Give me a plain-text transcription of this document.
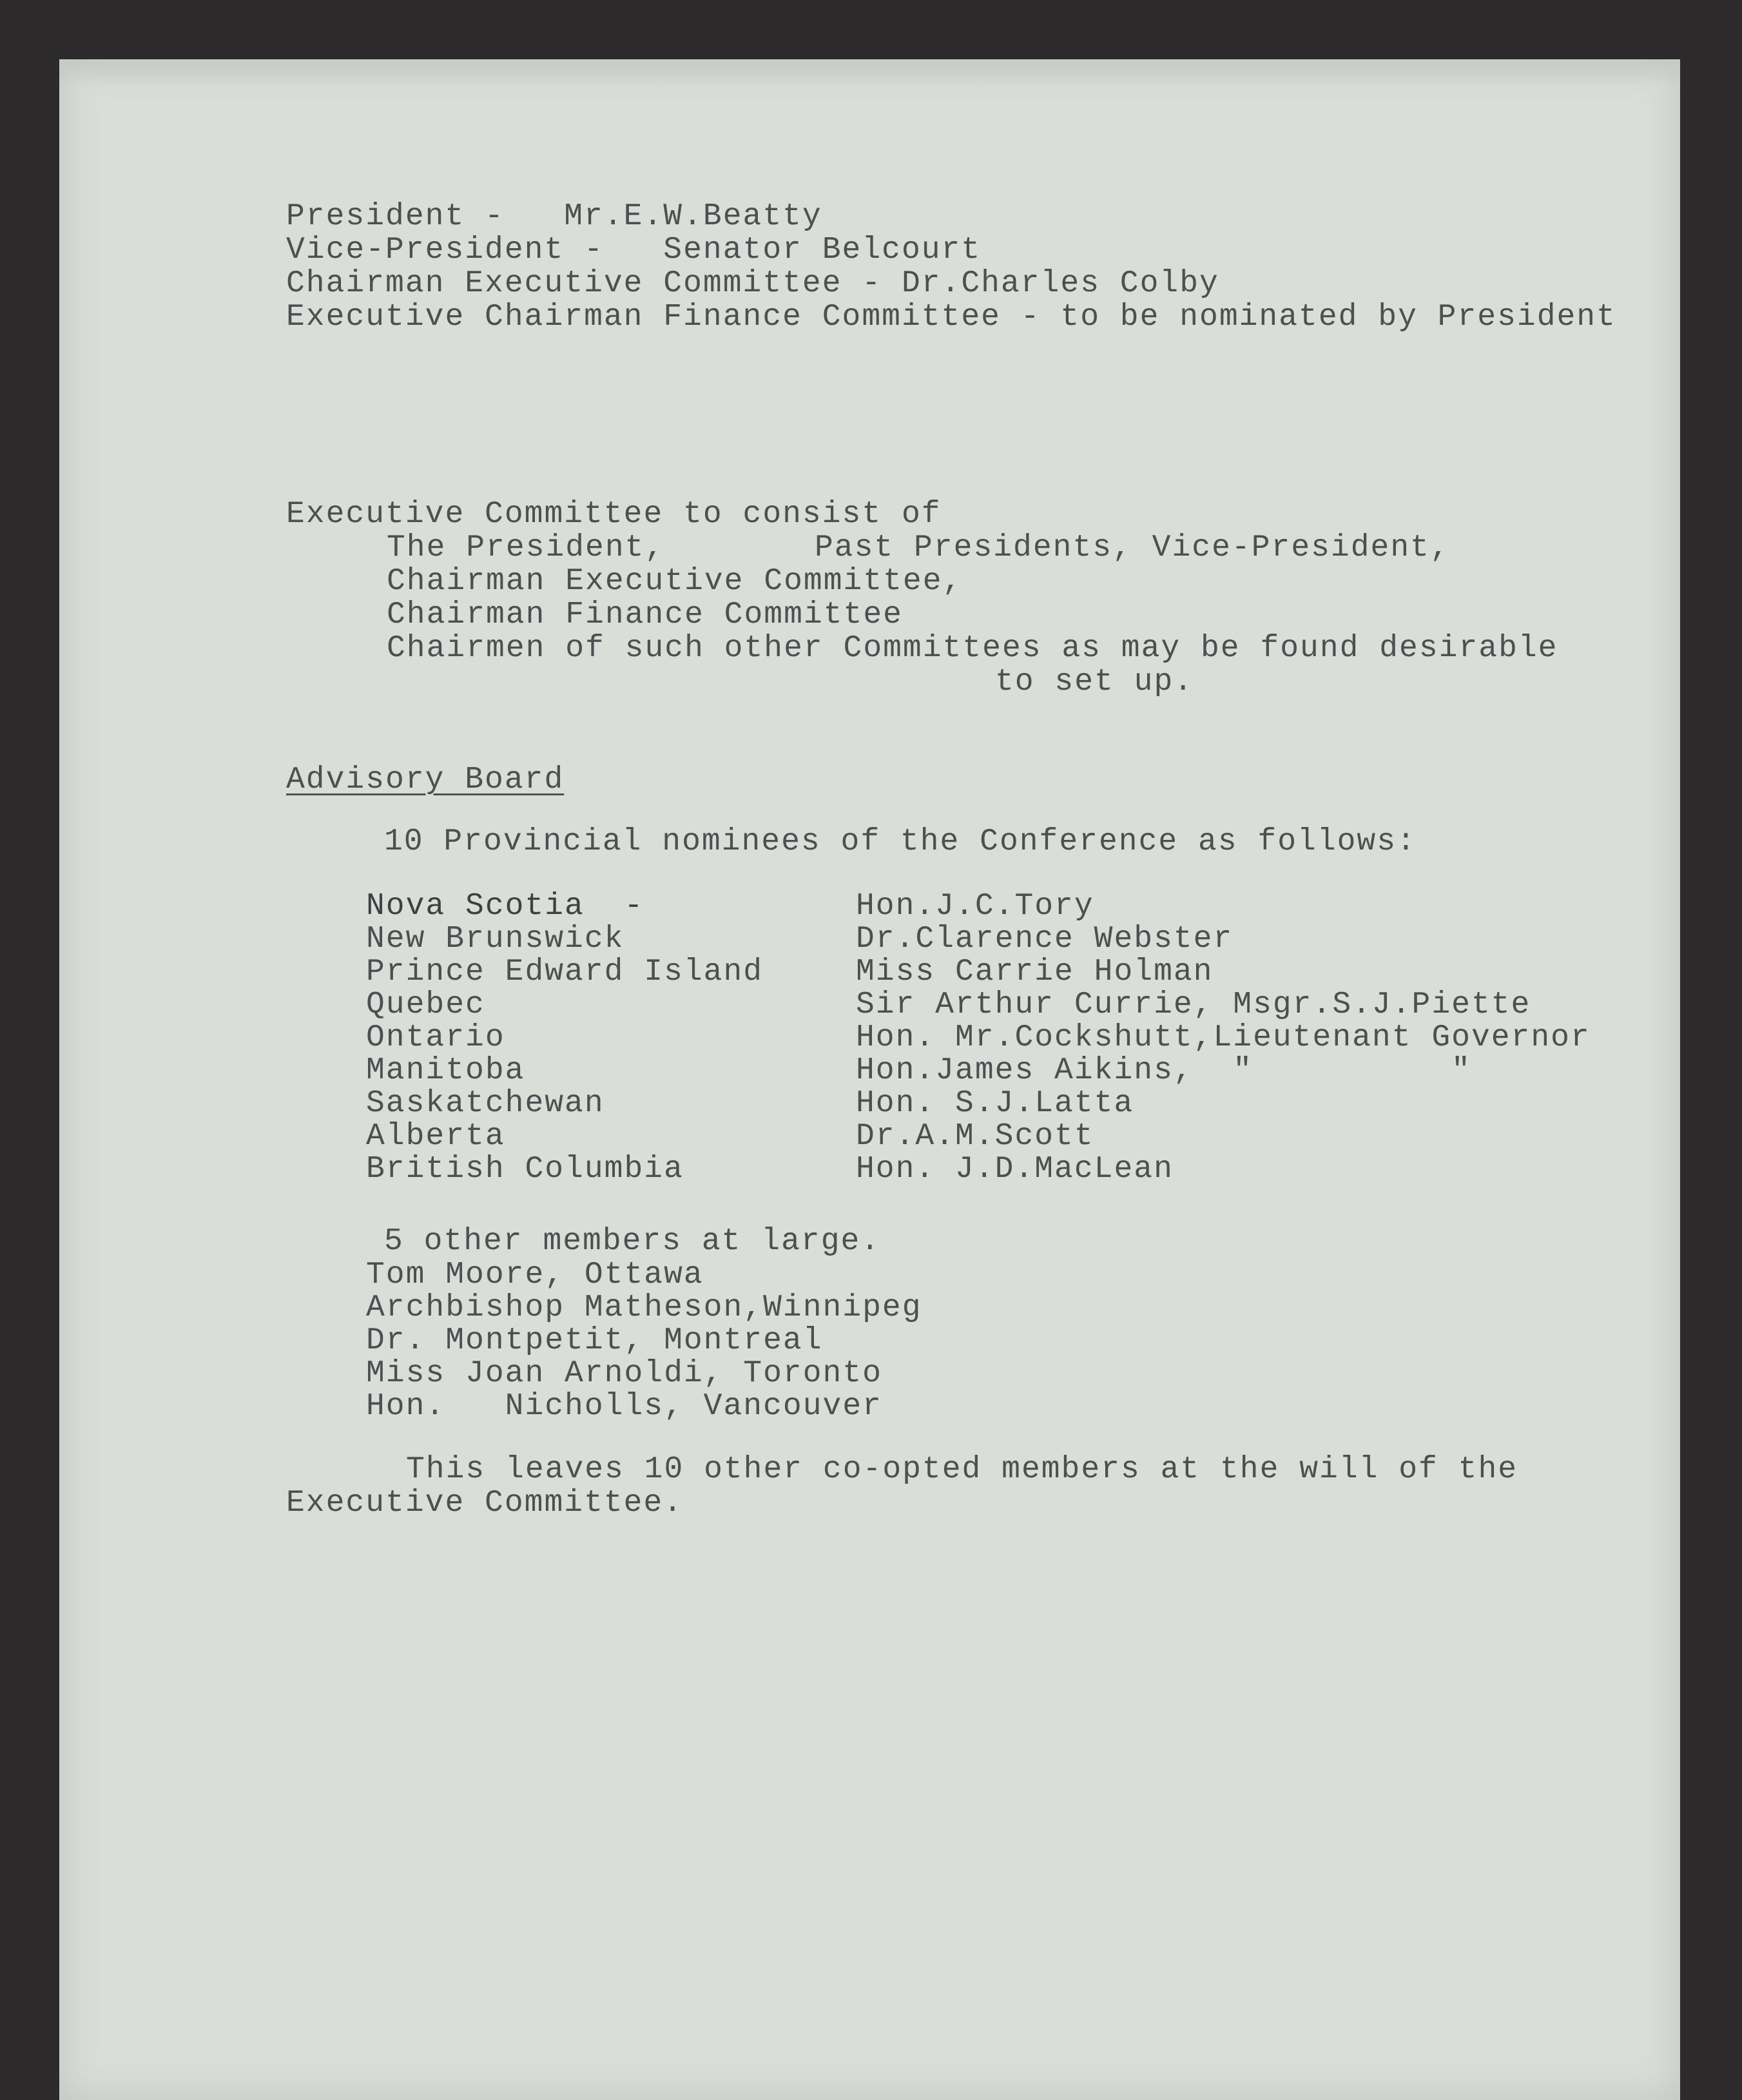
President -   Mr.E.W.Beatty
Vice-President -   Senator Belcourt
Chairman Executive Committee - Dr.Charles Colby
Executive Chairman Finance Committee - to be nominated by President
Executive Committee to consist of
The President,	Past Presidents, Vice-President,
Chairman Executive Committee,
Chairman Finance Committee
Chairmen of such other Committees as may be found desirable
to set up.
Advisory Board
10 Provincial nominees of the Conference as follows:
Nova Scotia  -	Hon.J.C.Tory
New Brunswick	Dr.Clarence Webster
Prince Edward Island	Miss Carrie Holman
Quebec	Sir Arthur Currie, Msgr.S.J.Piette
Ontario	Hon. Mr.Cockshutt,Lieutenant Governor
Manitoba	Hon.James Aikins,  "          "
Saskatchewan	Hon. S.J.Latta
Alberta	Dr.A.M.Scott
British Columbia	Hon. J.D.MacLean
5 other members at large.
Tom Moore, Ottawa
Archbishop Matheson,Winnipeg
Dr. Montpetit, Montreal
Miss Joan Arnoldi, Toronto
Hon.   Nicholls, Vancouver
This leaves 10 other co-opted members at the will of the
Executive Committee.
